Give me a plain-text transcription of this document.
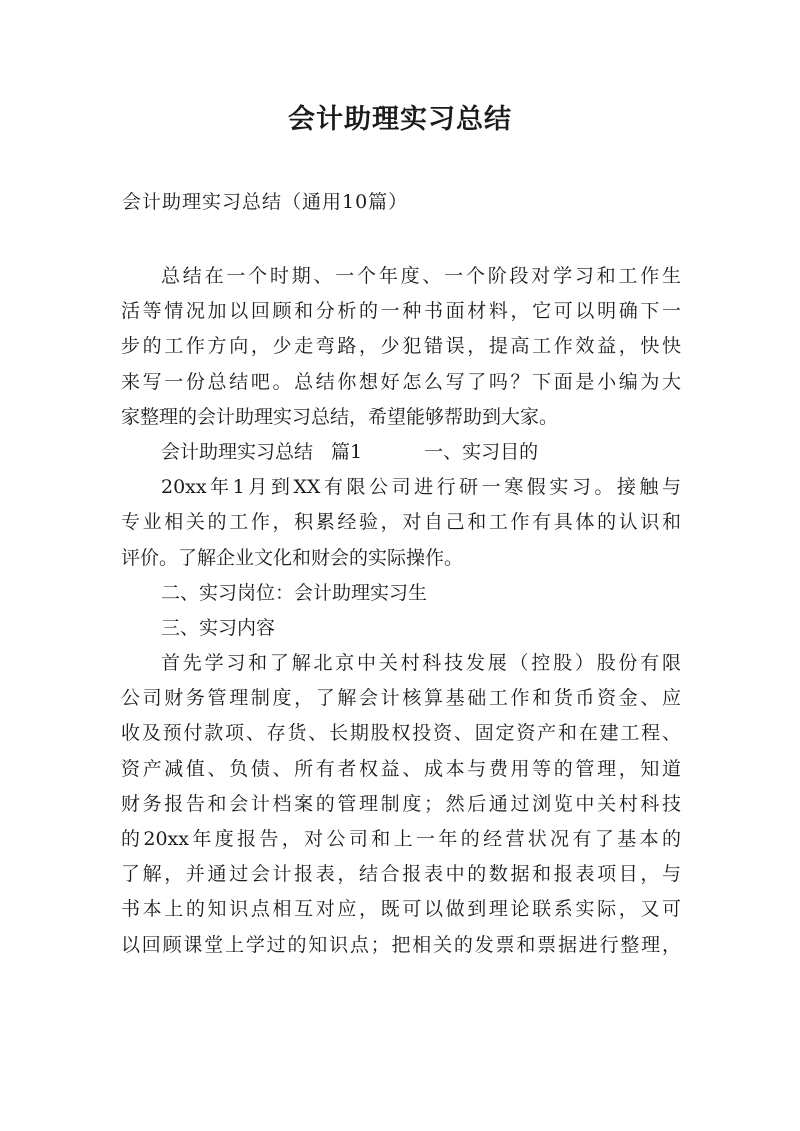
会计助理实习总结
会计助理实习总结（通用10篇）
总结在一个时期、一个年度、一个阶段对学习和工作生
活等情况加以回顾和分析的一种书面材料，它可以明确下一
步的工作方向，少走弯路，少犯错误，提高工作效益，快快
来写一份总结吧。总结你想好怎么写了吗？下面是小编为大
家整理的会计助理实习总结，希望能够帮助到大家。
会计助理实习总结 篇1	一、实习目的
20xx年1月到XX有限公司进行研一寒假实习。接触与
专业相关的工作，积累经验，对自己和工作有具体的认识和
评价。了解企业文化和财会的实际操作。
二、实习岗位：会计助理实习生
三、实习内容
首先学习和了解北京中关村科技发展（控股）股份有限
公司财务管理制度，了解会计核算基础工作和货币资金、应
收及预付款项、存货、长期股权投资、固定资产和在建工程、
资产减值、负债、所有者权益、成本与费用等的管理，知道
财务报告和会计档案的管理制度；然后通过浏览中关村科技
的20xx年度报告，对公司和上一年的经营状况有了基本的
了解，并通过会计报表，结合报表中的数据和报表项目，与
书本上的知识点相互对应，既可以做到理论联系实际，又可
以回顾课堂上学过的知识点；把相关的发票和票据进行整理，
